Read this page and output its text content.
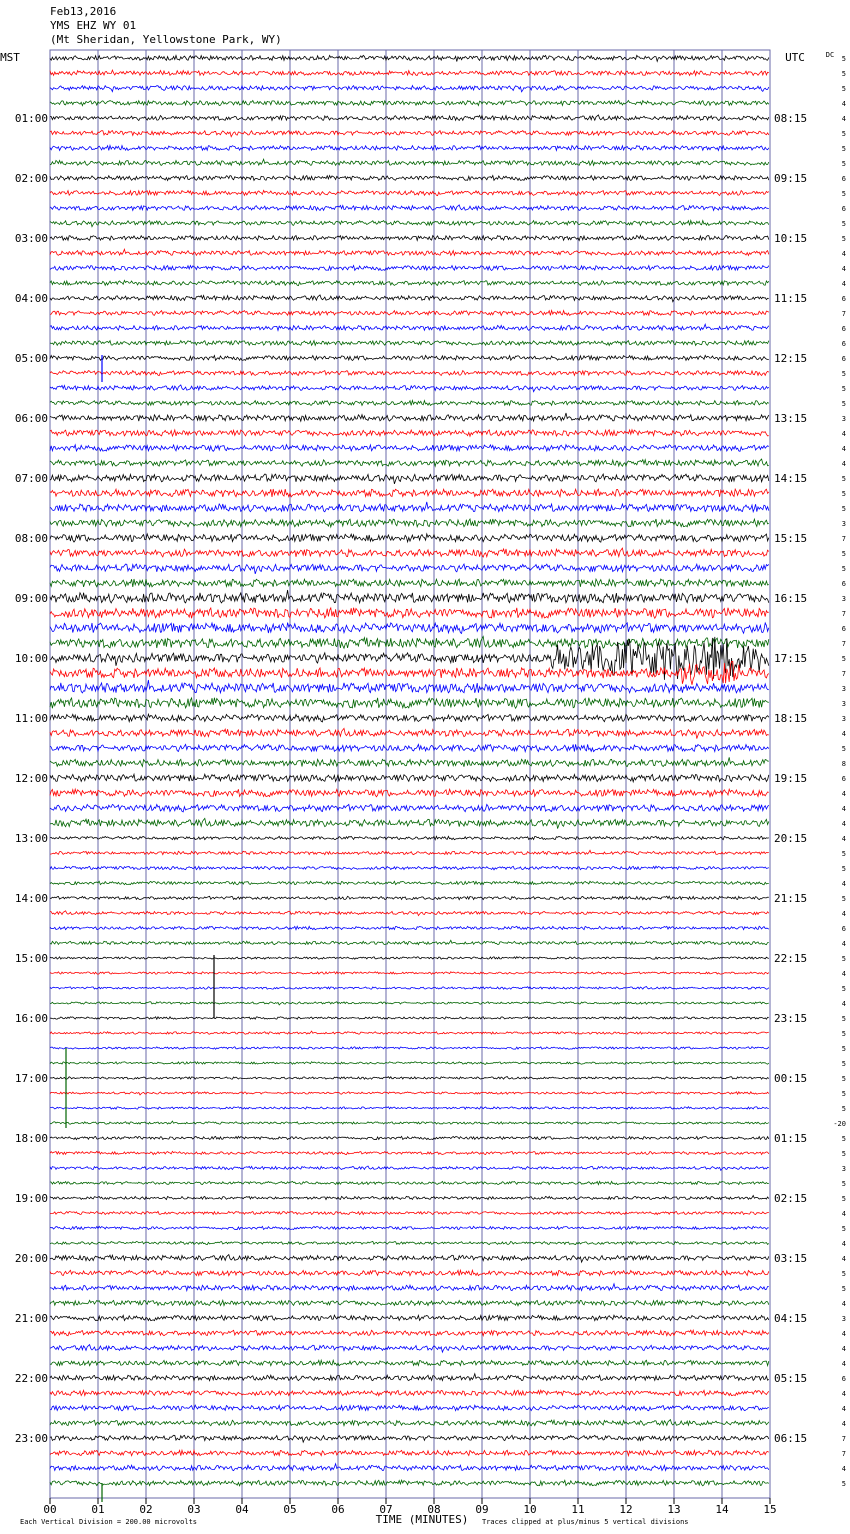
Feb13,2016
YMS EHZ WY 01
(Mt Sheridan, Yellowstone Park, WY)
MST	UTC	DC
01:00
02:00
03:00
04:00
05:00
06:00
07:00
08:00
09:00
10:00
11:00
12:00
13:00
14:00
15:00
16:00
17:00
18:00
19:00
20:00
21:00
22:00
23:00
08:15
09:15
10:15
11:15
12:15
13:15
14:15
15:15
16:15
17:15
18:15
19:15
20:15
21:15
22:15
23:15
00:15
01:15
02:15
03:15
04:15
05:15
06:15
5
5
5
4
4
5
5
5
6
5
6
5
5
4
4
4
6
7
6
6
6
5
5
5
3
4
4
4
5
5
5
3
7
5
5
6
3
7
6
7
5
7
3
3
3
4
5
8
6
4
4
4
4
5
5
4
5
4
6
4
5
4
5
4
5
5
5
5
5
5
5
-20
5
5
3
5
5
4
5
4
4
5
5
4
3
4
4
4
6
4
4
4
7
7
4
5
00	01	02	03	04	05	06	07	08	09	10	11	12	13	14	15
TIME (MINUTES)
Each Vertical Division = 200.00 microvolts	Traces clipped at plus/minus 5 vertical divisions
